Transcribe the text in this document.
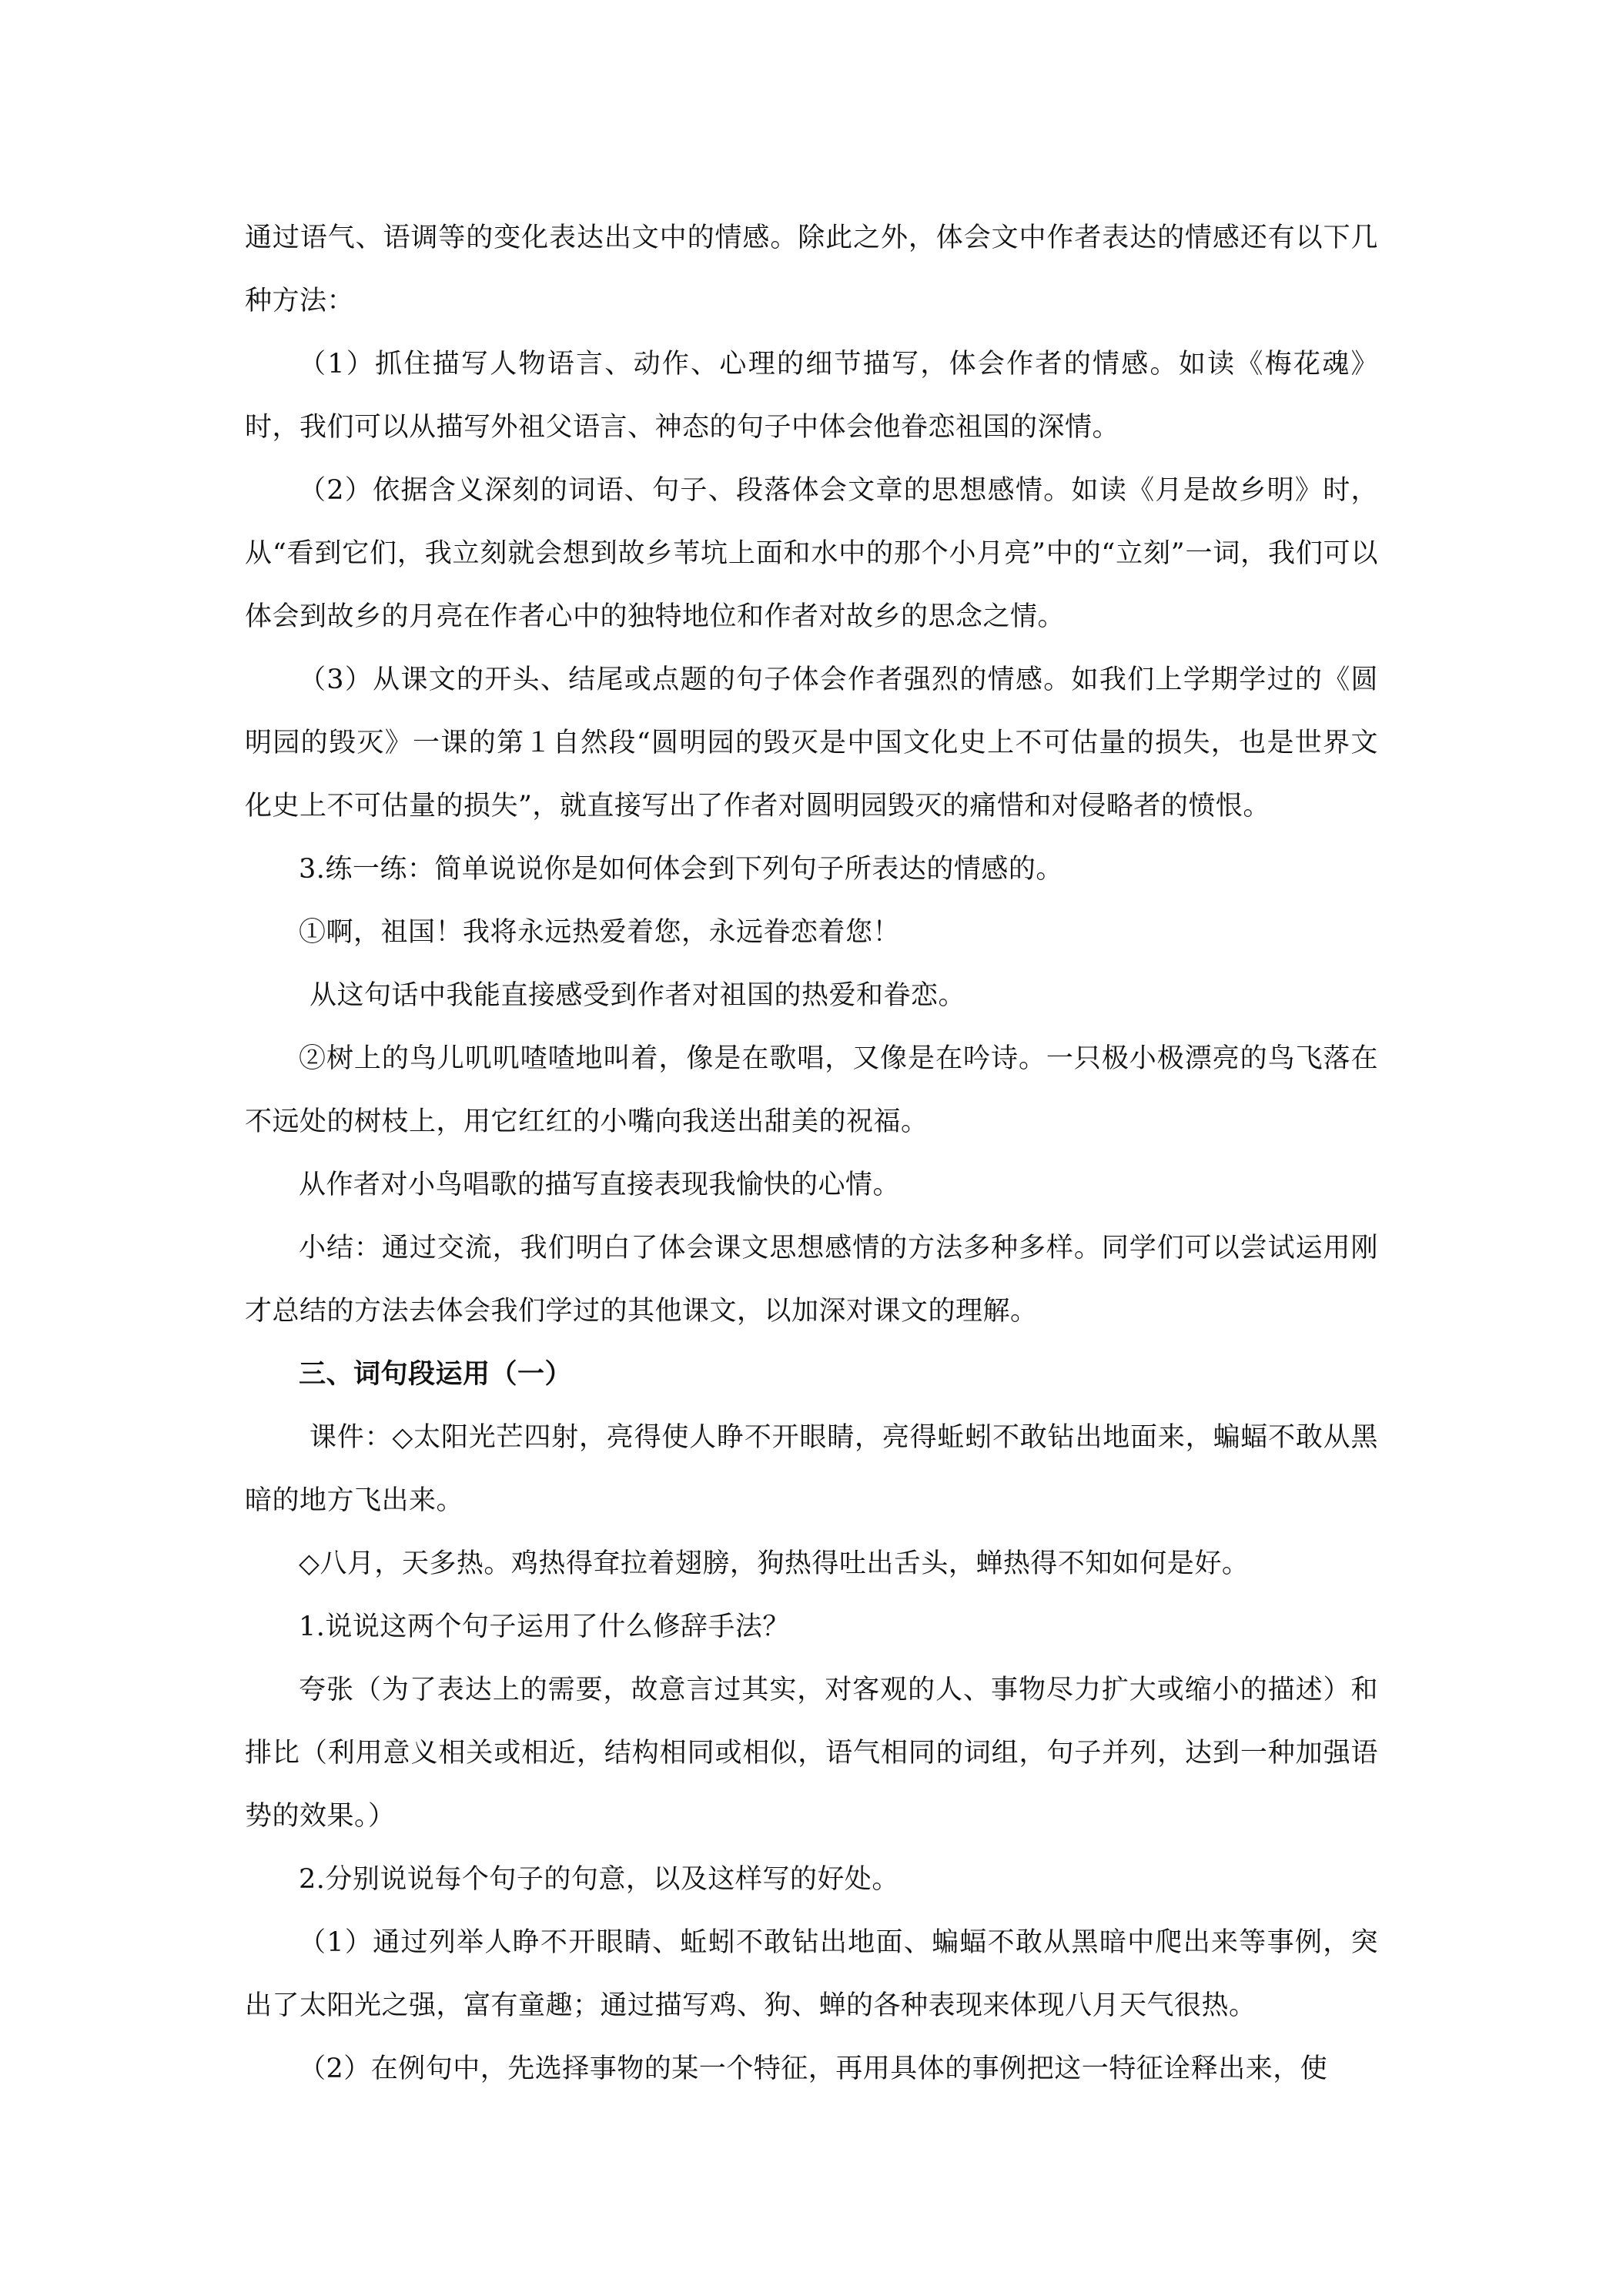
通过语气、语调等的变化表达出文中的情感。除此之外，体会文中作者表达的情感还有以下几种方法：

（1）抓住描写人物语言、动作、心理的细节描写，体会作者的情感。如读《梅花魂》时，我们可以从描写外祖父语言、神态的句子中体会他眷恋祖国的深情。

（2）依据含义深刻的词语、句子、段落体会文章的思想感情。如读《月是故乡明》时，从“看到它们，我立刻就会想到故乡苇坑上面和水中的那个小月亮”中的“立刻”一词，我们可以体会到故乡的月亮在作者心中的独特地位和作者对故乡的思念之情。

（3）从课文的开头、结尾或点题的句子体会作者强烈的情感。如我们上学期学过的《圆明园的毁灭》一课的第１自然段“圆明园的毁灭是中国文化史上不可估量的损失，也是世界文化史上不可估量的损失”，就直接写出了作者对圆明园毁灭的痛惜和对侵略者的愤恨。

3.练一练：简单说说你是如何体会到下列句子所表达的情感的。

①啊，祖国！我将永远热爱着您，永远眷恋着您！

从这句话中我能直接感受到作者对祖国的热爱和眷恋。

②树上的鸟儿叽叽喳喳地叫着，像是在歌唱，又像是在吟诗。一只极小极漂亮的鸟飞落在不远处的树枝上，用它红红的小嘴向我送出甜美的祝福。

从作者对小鸟唱歌的描写直接表现我愉快的心情。

小结：通过交流，我们明白了体会课文思想感情的方法多种多样。同学们可以尝试运用刚才总结的方法去体会我们学过的其他课文，以加深对课文的理解。

三、词句段运用（一）

课件：◇太阳光芒四射，亮得使人睁不开眼睛，亮得蚯蚓不敢钻出地面来，蝙蝠不敢从黑暗的地方飞出来。

◇八月，天多热。鸡热得耷拉着翅膀，狗热得吐出舌头，蝉热得不知如何是好。

1.说说这两个句子运用了什么修辞手法？

夸张（为了表达上的需要，故意言过其实，对客观的人、事物尽力扩大或缩小的描述）和排比（利用意义相关或相近，结构相同或相似，语气相同的词组，句子并列，达到一种加强语势的效果。）

2.分别说说每个句子的句意，以及这样写的好处。

（1）通过列举人睁不开眼睛、蚯蚓不敢钻出地面、蝙蝠不敢从黑暗中爬出来等事例，突出了太阳光之强，富有童趣；通过描写鸡、狗、蝉的各种表现来体现八月天气很热。

（2）在例句中，先选择事物的某一个特征，再用具体的事例把这一特征诠释出来，使
